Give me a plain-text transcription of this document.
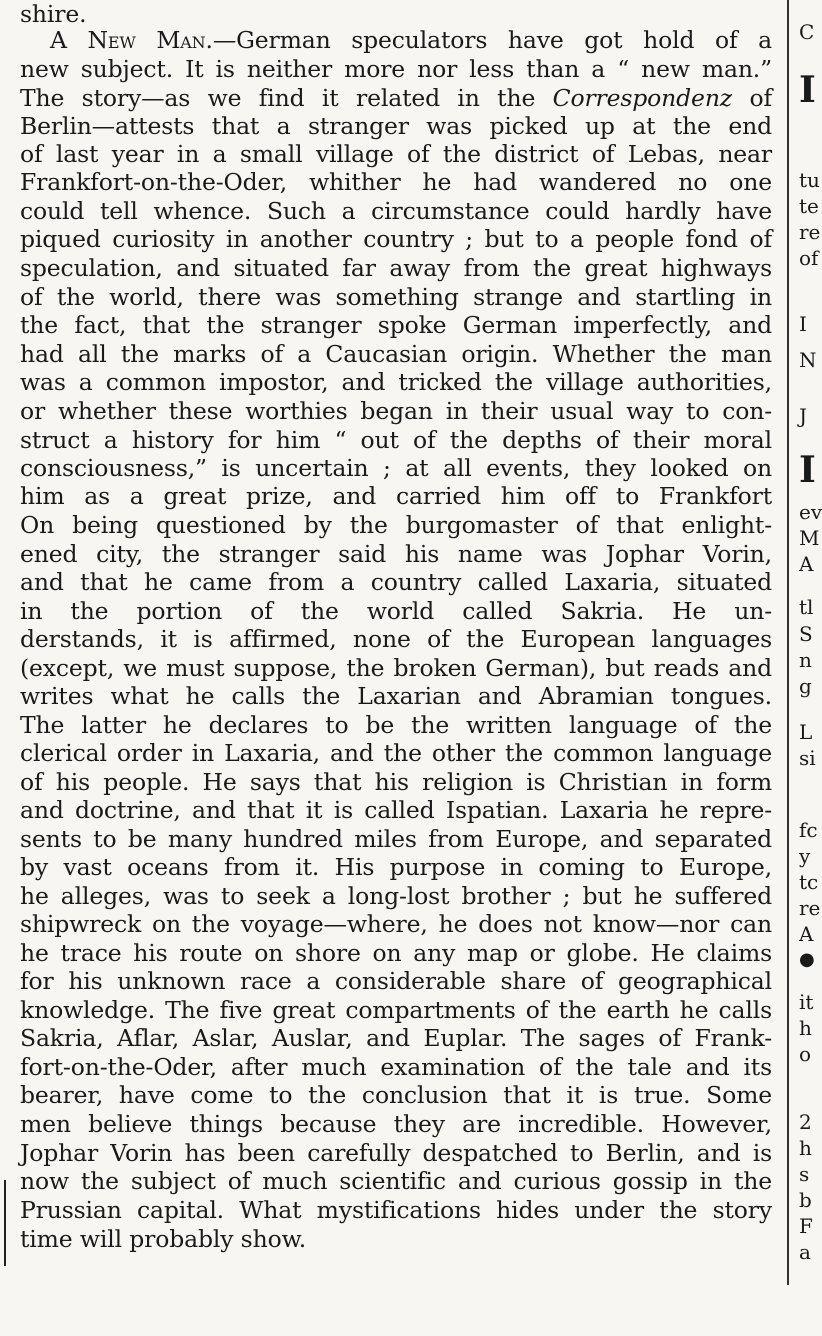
shire.
A New Man.—German speculators have got hold of a
new subject. It is neither more nor less than a “ new man.”
The story—as we find it related in the Correspondenz of
Berlin—attests that a stranger was picked up at the end
of last year in a small village of the district of Lebas, near
Frankfort-on-the-Oder, whither he had wandered no one
could tell whence. Such a circumstance could hardly have
piqued curiosity in another country ; but to a people fond of
speculation, and situated far away from the great highways
of the world, there was something strange and startling in
the fact, that the stranger spoke German imperfectly, and
had all the marks of a Caucasian origin. Whether the man
was a common impostor, and tricked the village authorities,
or whether these worthies began in their usual way to con-
struct a history for him “ out of the depths of their moral
consciousness,” is uncertain ; at all events, they looked on
him as a great prize, and carried him off to Frankfort
On being questioned by the burgomaster of that enlight-
ened city, the stranger said his name was Jophar Vorin,
and that he came from a country called Laxaria, situated
in the portion of the world called Sakria. He un-
derstands, it is affirmed, none of the European languages
(except, we must suppose, the broken German), but reads and
writes what he calls the Laxarian and Abramian tongues.
The latter he declares to be the written language of the
clerical order in Laxaria, and the other the common language
of his people. He says that his religion is Christian in form
and doctrine, and that it is called Ispatian. Laxaria he repre-
sents to be many hundred miles from Europe, and separated
by vast oceans from it. His purpose in coming to Europe,
he alleges, was to seek a long-lost brother ; but he suffered
shipwreck on the voyage—where, he does not know—nor can
he trace his route on shore on any map or globe. He claims
for his unknown race a considerable share of geographical
knowledge. The five great compartments of the earth he calls
Sakria, Aflar, Aslar, Auslar, and Euplar. The sages of Frank-
fort-on-the-Oder, after much examination of the tale and its
bearer, have come to the conclusion that it is true. Some
men believe things because they are incredible. However,
Jophar Vorin has been carefully despatched to Berlin, and is
now the subject of much scientific and curious gossip in the
Prussian capital. What mystifications hides under the story
time will probably show.
C
I
tu
te
re
of
I
N
J
I
ev
M
A
tl
S
n
g
L
si
fc
y
tc
re
A
●
it
h
o
2
h
s
b
F
a
